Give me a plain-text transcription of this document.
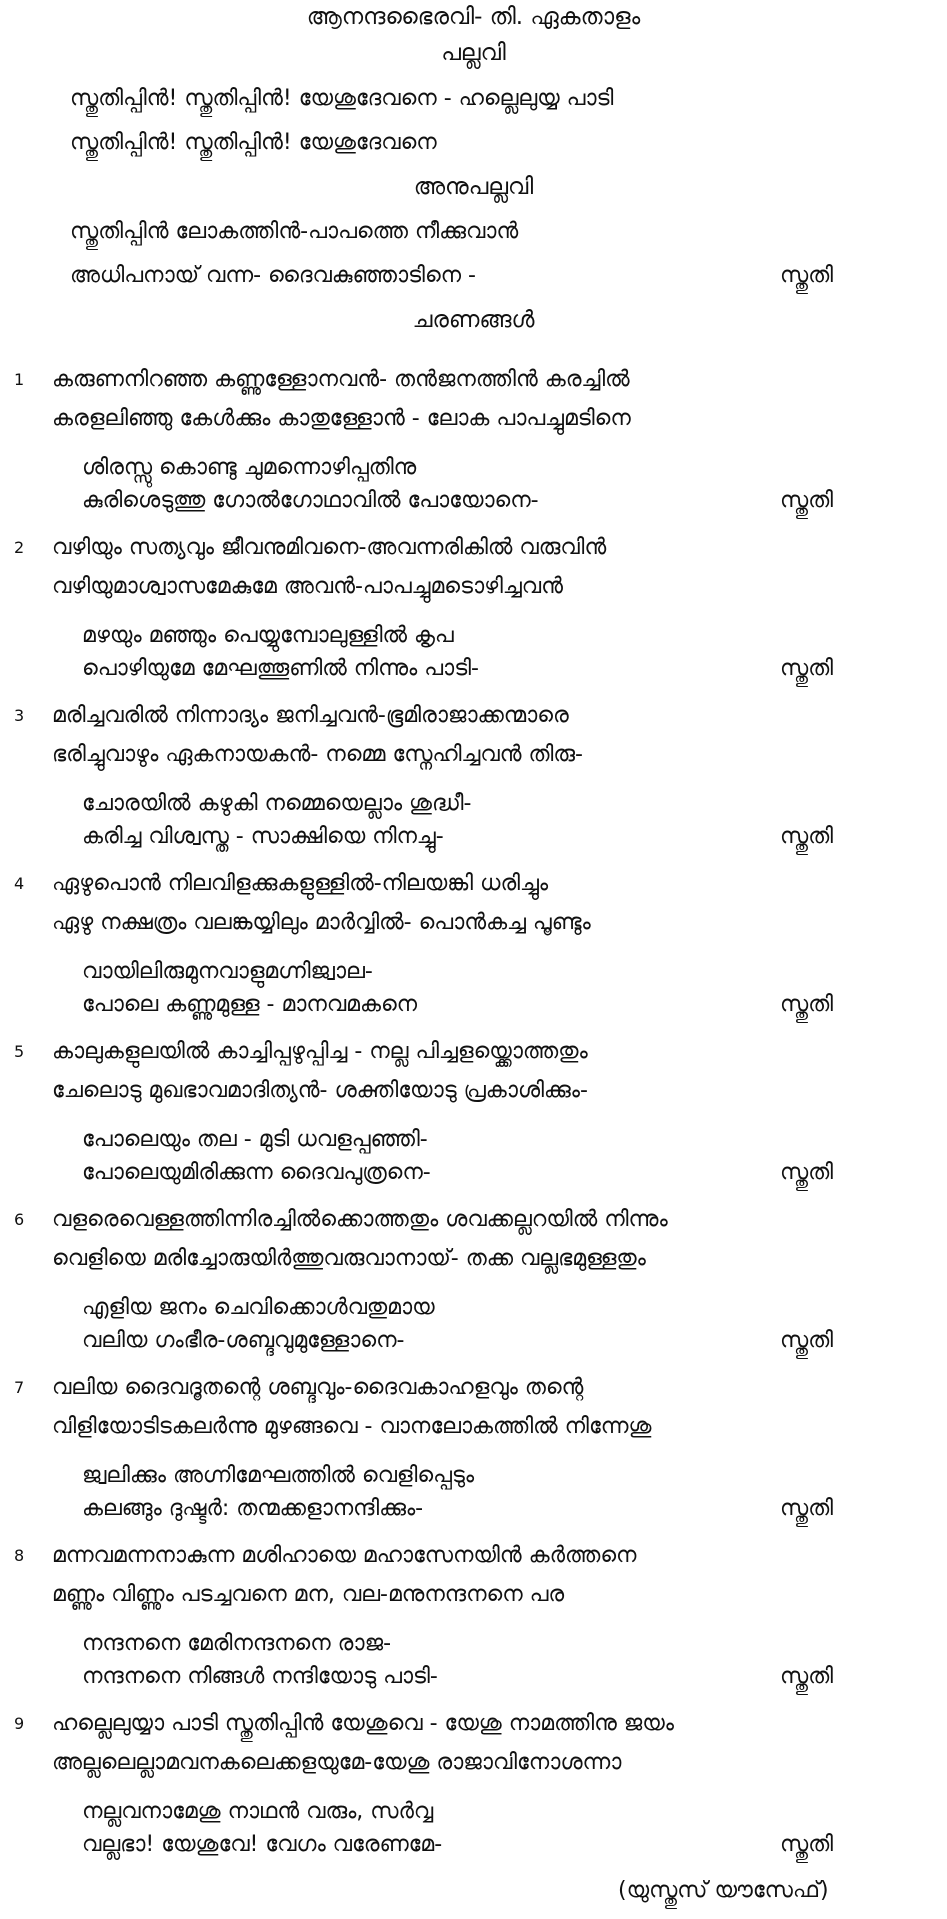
ആനന്ദഭൈരവി- തി. ഏകതാളം
പല്ലവി
സ്തുതിപ്പിൻ! സ്തുതിപ്പിൻ! യേശുദേവനെ - ഹല്ലെലുയ്യ പാടി
സ്തുതിപ്പിൻ! സ്തുതിപ്പിൻ! യേശുദേവനെ
അനുപല്ലവി
സ്തുതിപ്പിൻ ലോകത്തിൻ-പാപത്തെ നീക്കുവാൻ
അധിപനായ് വന്ന- ദൈവകുഞ്ഞാടിനെ -	സ്തുതി
ചരണങ്ങൾ
1 കരുണനിറഞ്ഞ കണ്ണുള്ളോനവൻ- തൻജനത്തിൻ കരച്ചിൽ
കരളലിഞ്ഞു കേൾക്കും കാതുള്ളോൻ - ലോക പാപച്ചുമടിനെ
ശിരസ്സു കൊണ്ടു ചുമന്നൊഴിപ്പതിനു
കുരിശെടുത്തു ഗോൽഗോഥാവിൽ പോയോനെ-	സ്തുതി
2 വഴിയും സത്യവും ജീവനുമിവനെ-അവന്നരികിൽ വരുവിൻ
വഴിയുമാശ്വാസമേകുമേ അവൻ-പാപച്ചുമടൊഴിച്ചവൻ
മഴയും മഞ്ഞും പെയ്യുമ്പോലുള്ളിൽ കൃപ
പൊഴിയുമേ മേഘത്തൂണിൽ നിന്നും പാടി-	സ്തുതി
3 മരിച്ചവരിൽ നിന്നാദ്യം ജനിച്ചവൻ-ഭൂമിരാജാക്കന്മാരെ
ഭരിച്ചുവാഴും ഏകനായകൻ- നമ്മെ സ്നേഹിച്ചവൻ തിരു-
ചോരയിൽ കഴുകി നമ്മെയെല്ലാം ശുദ്ധീ-
കരിച്ച വിശ്വസ്ത - സാക്ഷിയെ നിനച്ചു-	സ്തുതി
4 ഏഴുപൊൻ നിലവിളക്കുകളുള്ളിൽ-നിലയങ്കി ധരിച്ചും
ഏഴു നക്ഷത്രം വലങ്കയ്യിലും മാർവ്വിൽ- പൊൻകച്ച പൂണ്ടും
വായിലിരുമുനവാളുമഗ്നിജ്വാല-
പോലെ കണ്ണുമുള്ള - മാനവമകനെ	സ്തുതി
5 കാലുകളുലയിൽ കാച്ചിപ്പഴുപ്പിച്ച - നല്ല പിച്ചളയ്ക്കൊത്തതും
ചേലൊടു മുഖഭാവമാദിത്യൻ- ശക്തിയോടു പ്രകാശിക്കും-
പോലെയും തല - മുടി ധവളപ്പഞ്ഞി-
പോലെയുമിരിക്കുന്ന ദൈവപുത്രനെ-	സ്തുതി
6 വളരെവെള്ളത്തിന്നിരച്ചിൽക്കൊത്തതും ശവക്കല്ലറയിൽ നിന്നും
വെളിയെ മരിച്ചോരുയിർത്തുവരുവാനായ്- തക്ക വല്ലഭമുള്ളതും
എളിയ ജനം ചെവിക്കൊൾവതുമായ
വലിയ ഗംഭീര-ശബ്ദവുമുള്ളോനെ-	സ്തുതി
7 വലിയ ദൈവദൂതന്റെ ശബ്ദവും-ദൈവകാഹളവും തന്റെ
വിളിയോടിടകലർന്നു മുഴങ്ങവെ - വാനലോകത്തിൽ നിന്നേശു
ജ്വലിക്കും അഗ്നിമേഘത്തിൽ വെളിപ്പെടും
കലങ്ങും ദുഷ്ടർ: തന്മക്കളാനന്ദിക്കും-	സ്തുതി
8 മന്നവമന്നനാകുന്ന മശിഹായെ മഹാസേനയിൻ കർത്തനെ
മണ്ണും വിണ്ണും പടച്ചവനെ മന, വല-മനുനന്ദനനെ പര
നന്ദനനെ മേരിനന്ദനനെ രാജ-
നന്ദനനെ നിങ്ങൾ നന്ദിയോടു പാടി-	സ്തുതി
9 ഹല്ലെലുയ്യാ പാടി സ്തുതിപ്പിൻ യേശുവെ - യേശു നാമത്തിനു ജയം
അല്ലലെല്ലാമവനകലെക്കളയുമേ-യേശു രാജാവിനോശന്നാ
നല്ലവനാമേശു നാഥൻ വരും, സർവ്വ
വല്ലഭാ! യേശുവേ! വേഗം വരേണമേ-	സ്തുതി
(യുസ്തുസ് യൗസേഫ്)
